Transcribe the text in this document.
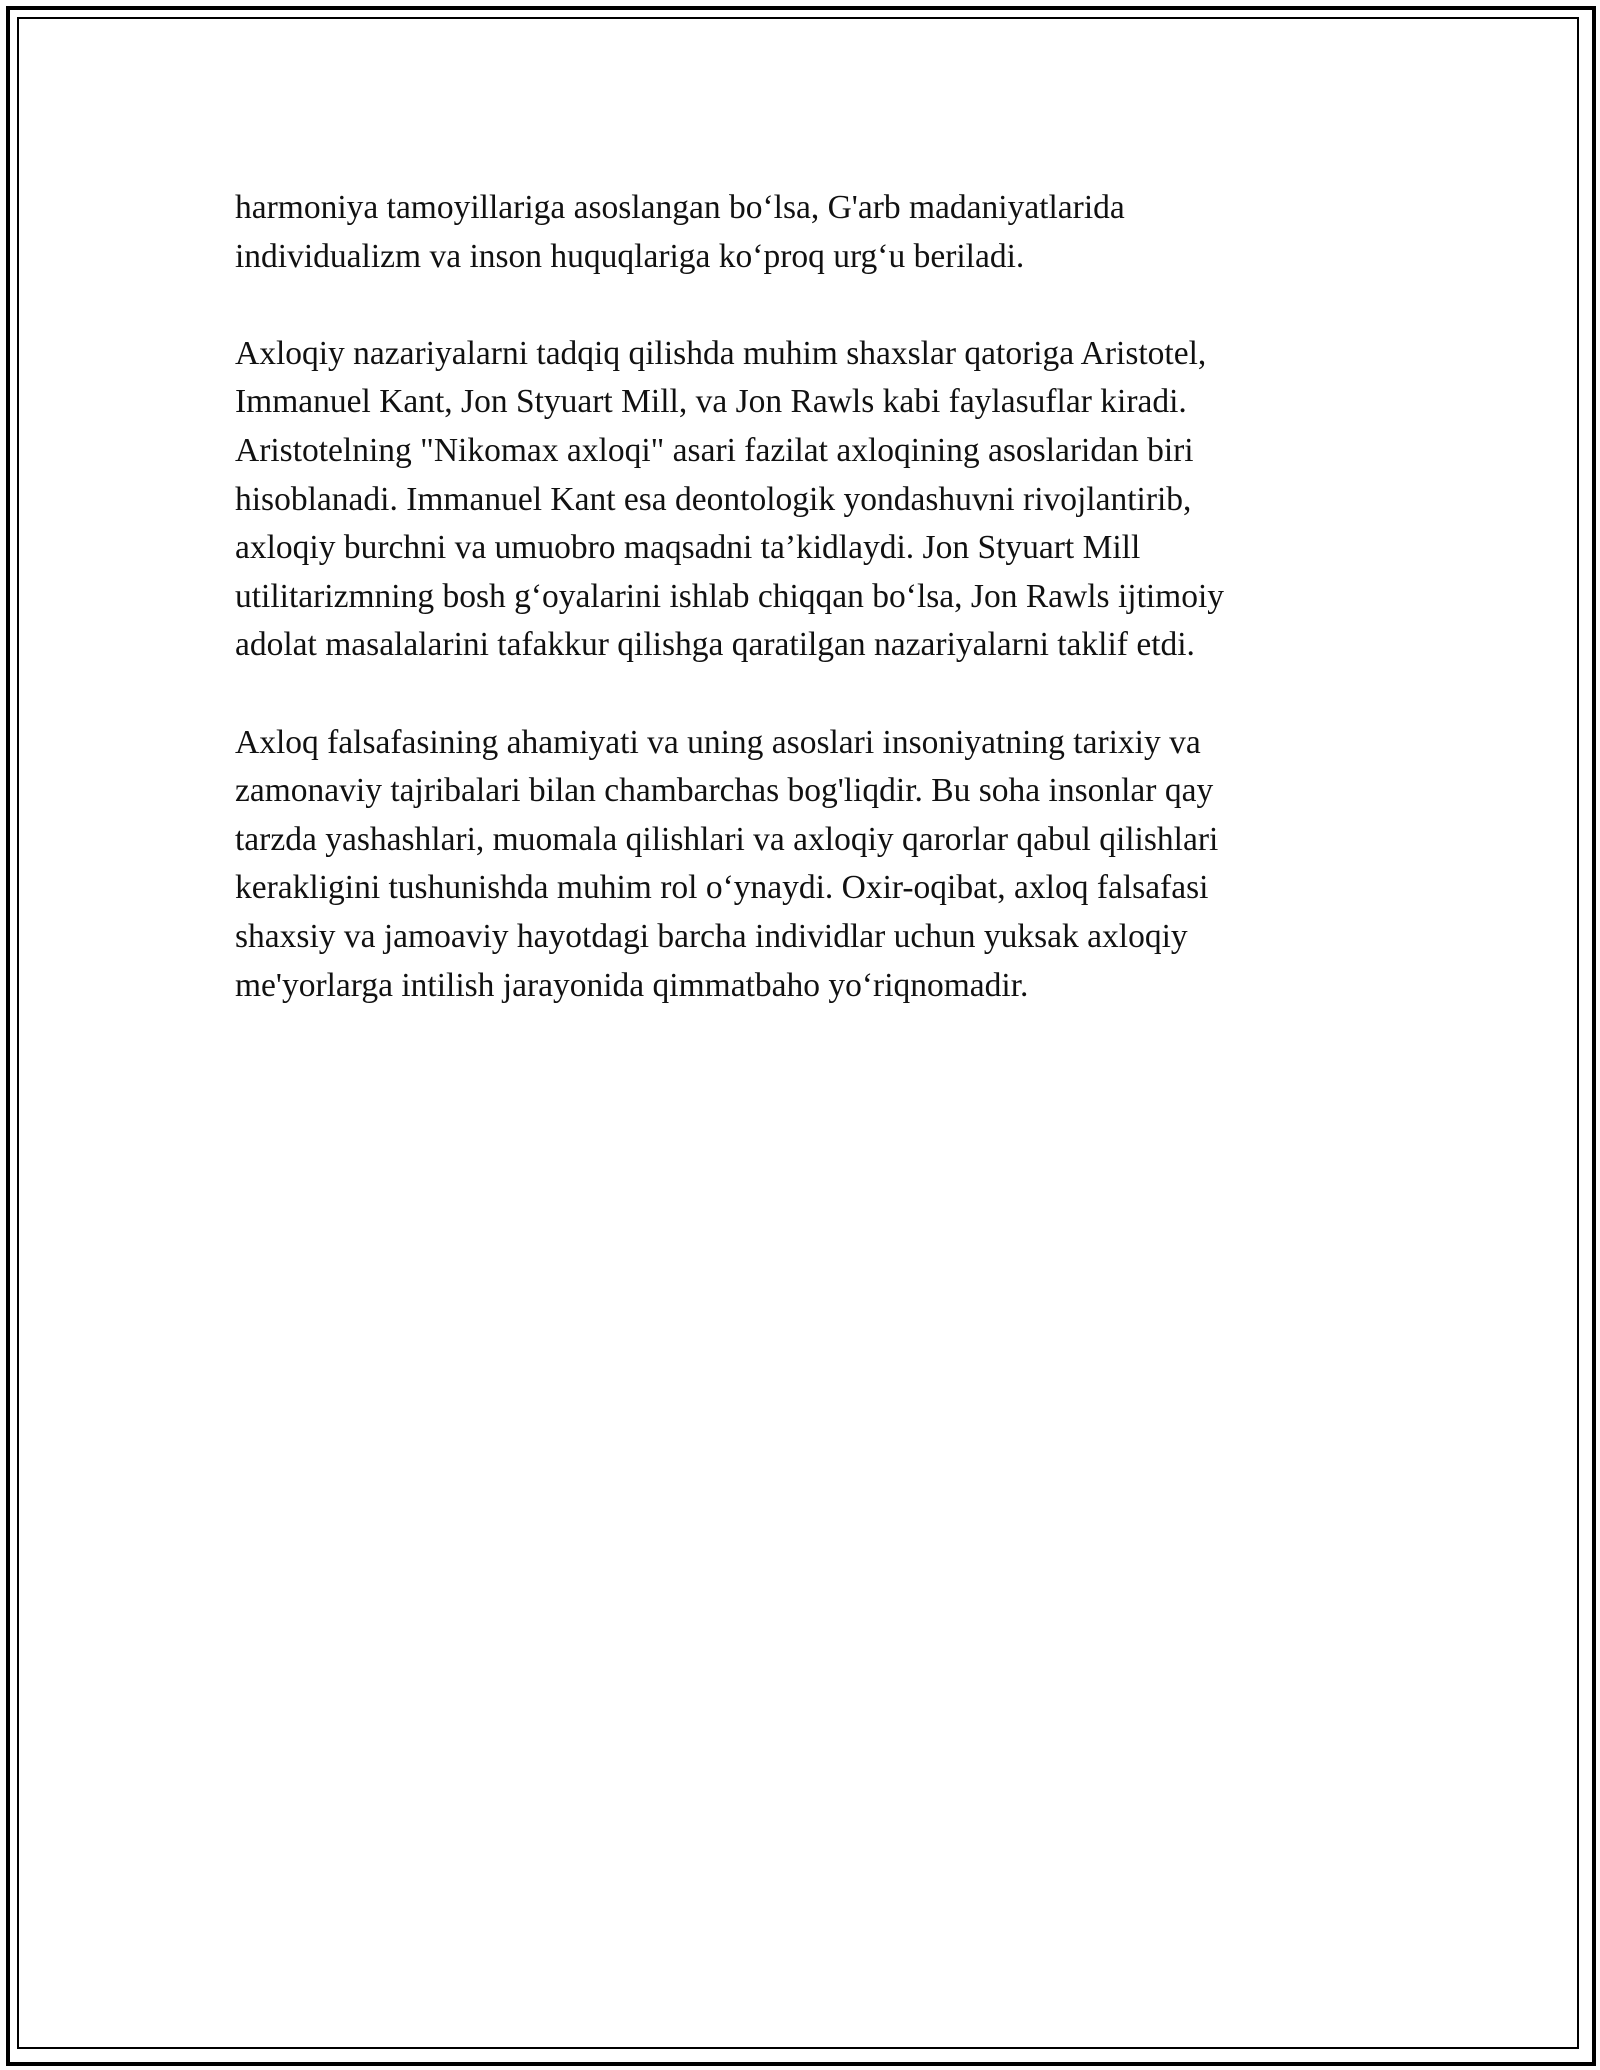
harmoniya tamoyillariga asoslangan bo‘lsa, G'arb madaniyatlarida
individualizm va inson huquqlariga ko‘proq urg‘u beriladi.
Axloqiy nazariyalarni tadqiq qilishda muhim shaxslar qatoriga Aristotel,
Immanuel Kant, Jon Styuart Mill, va Jon Rawls kabi faylasuflar kiradi.
Aristotelning "Nikomax axloqi" asari fazilat axloqining asoslaridan biri
hisoblanadi. Immanuel Kant esa deontologik yondashuvni rivojlantirib,
axloqiy burchni va umuobro maqsadni ta’kidlaydi. Jon Styuart Mill
utilitarizmning bosh g‘oyalarini ishlab chiqqan bo‘lsa, Jon Rawls ijtimoiy
adolat masalalarini tafakkur qilishga qaratilgan nazariyalarni taklif etdi.
Axloq falsafasining ahamiyati va uning asoslari insoniyatning tarixiy va
zamonaviy tajribalari bilan chambarchas bog'liqdir. Bu soha insonlar qay
tarzda yashashlari, muomala qilishlari va axloqiy qarorlar qabul qilishlari
kerakligini tushunishda muhim rol o‘ynaydi. Oxir-oqibat, axloq falsafasi
shaxsiy va jamoaviy hayotdagi barcha individlar uchun yuksak axloqiy
me'yorlarga intilish jarayonida qimmatbaho yo‘riqnomadir.
